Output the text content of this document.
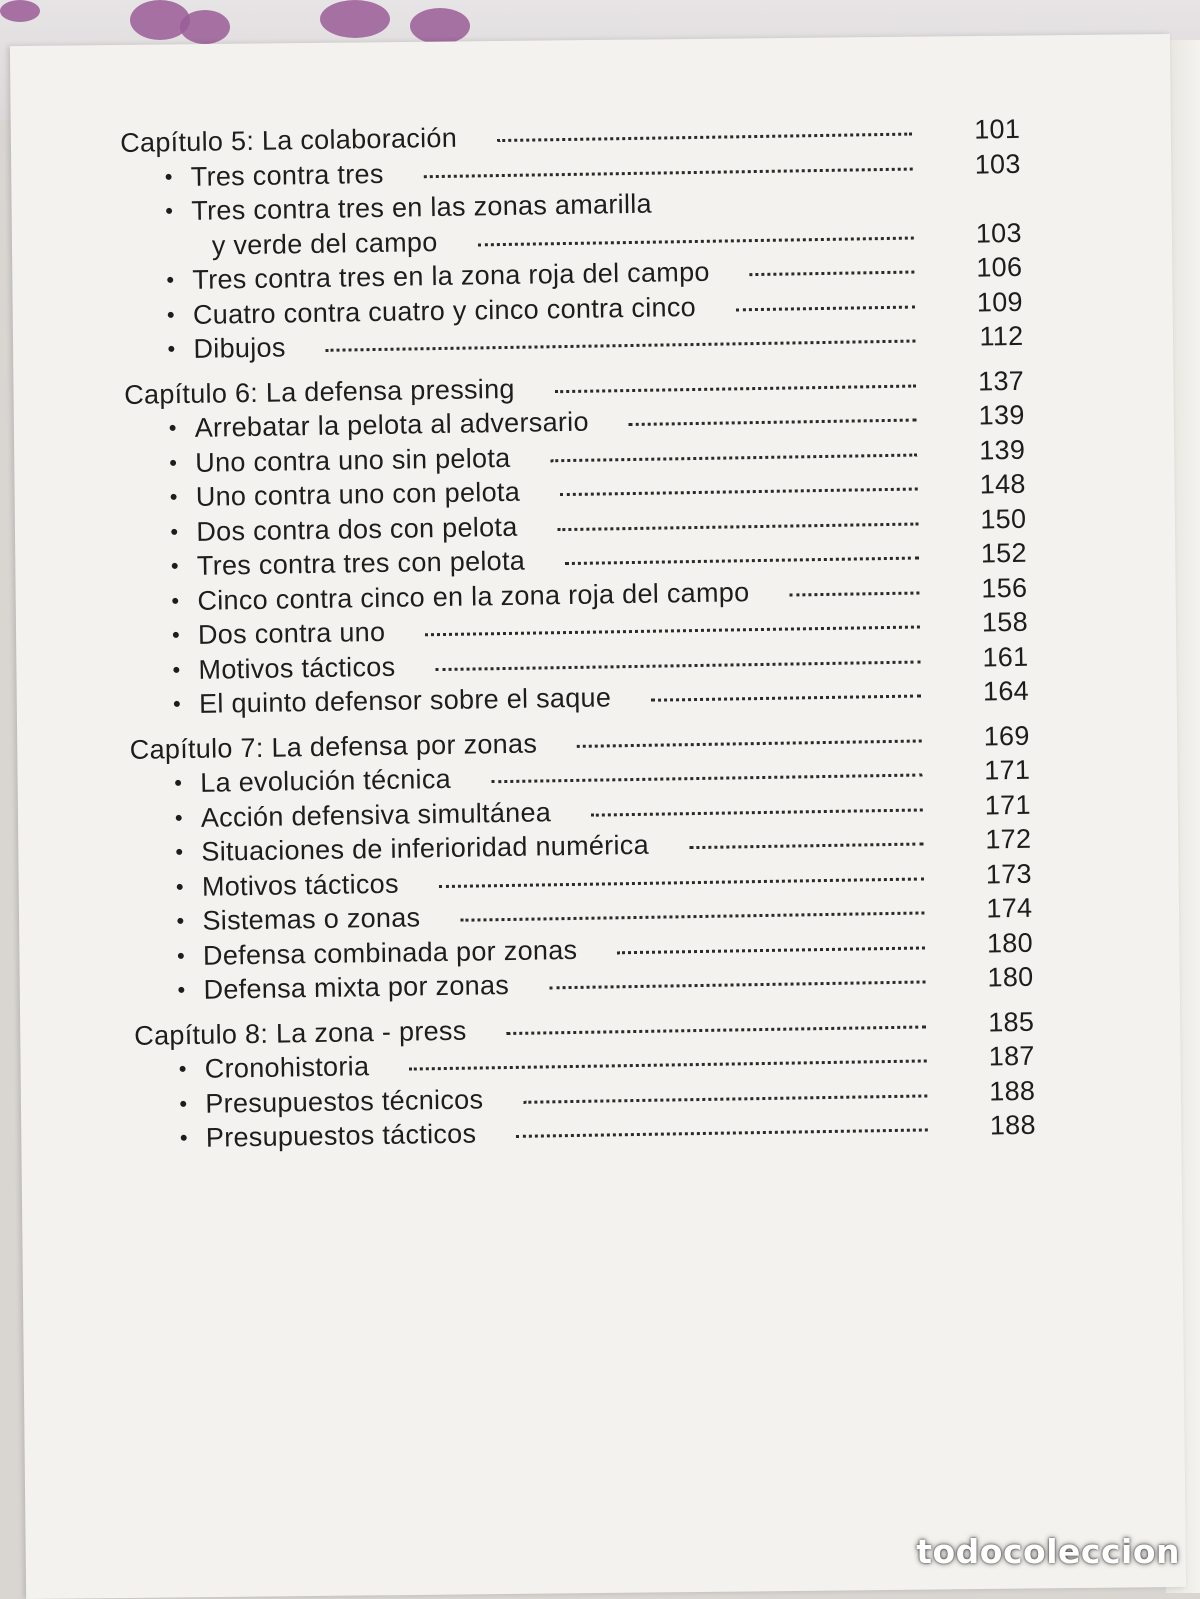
Capítulo 5: La colaboración	101
• Tres contra tres	103
• Tres contra tres en las zonas amarilla
y verde del campo	103
• Tres contra tres en la zona roja del campo	106
• Cuatro contra cuatro y cinco contra cinco	109
• Dibujos	112
Capítulo 6: La defensa pressing	137
• Arrebatar la pelota al adversario	139
• Uno contra uno sin pelota	139
• Uno contra uno con pelota	148
• Dos contra dos con pelota	150
• Tres contra tres con pelota	152
• Cinco contra cinco en la zona roja del campo	156
• Dos contra uno	158
• Motivos tácticos	161
• El quinto defensor sobre el saque	164
Capítulo 7: La defensa por zonas	169
• La evolución técnica	171
• Acción defensiva simultánea	171
• Situaciones de inferioridad numérica	172
• Motivos tácticos	173
• Sistemas o zonas	174
• Defensa combinada por zonas	180
• Defensa mixta por zonas	180
Capítulo 8: La zona - press	185
• Cronohistoria	187
• Presupuestos técnicos	188
• Presupuestos tácticos	188
todocoleccion
